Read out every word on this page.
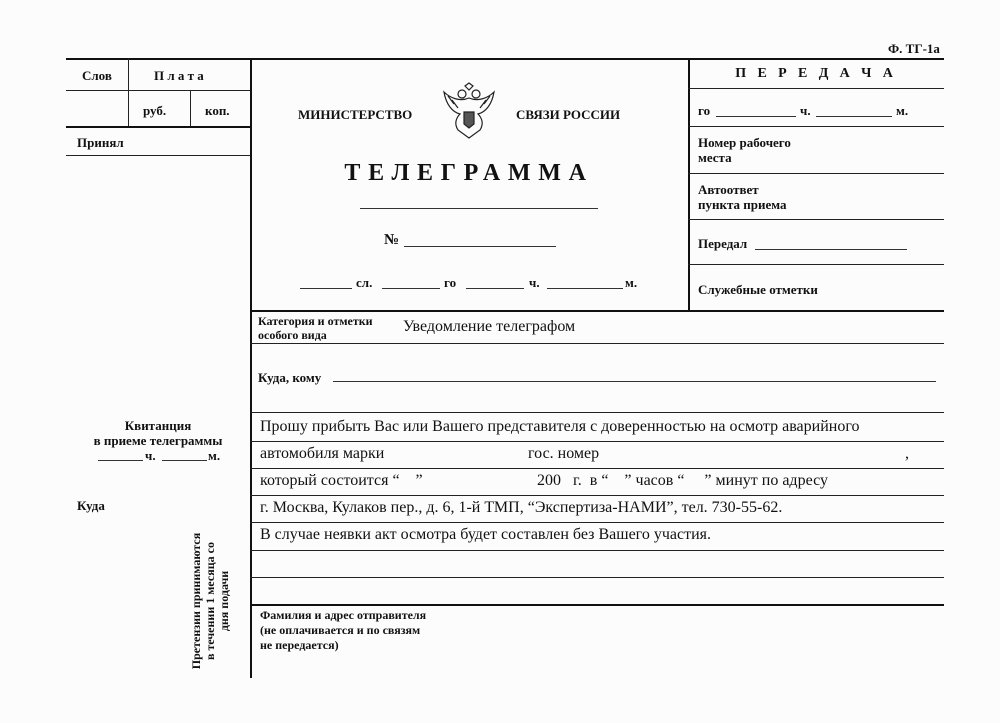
Ф. ТГ-1а
Слов	П л а т а
руб.	коп.
Принял
Квитанция
в приеме телеграммы
ч.	м.
Куда
Претензии принимаются в течении 1 месяца со дня подачи
МИНИСТЕРСТВО	СВЯЗИ РОССИИ
ТЕЛЕГРАММА
№
сл.	го	ч.	м.
П Е Р Е Д А Ч А
го	ч.	м.
Номер рабочего
места
Автоответ
пункта приема
Передал
Служебные отметки
Категория и отметки
особого вида	Уведомление телеграфом
Куда, кому
Прошу прибыть Вас или Вашего представителя с доверенностью на осмотр аварийного
автомобиля марки	гос. номер	,
который состоится “    ”	200   г.  в “    ” часов “     ” минут по адресу
г. Москва, Кулаков пер., д. 6, 1-й ТМП, “Экспертиза-НАМИ”, тел. 730-55-62.
В случае неявки акт осмотра будет составлен без Вашего участия.
Фамилия и адрес отправителя
(не оплачивается и по связям
не передается)
